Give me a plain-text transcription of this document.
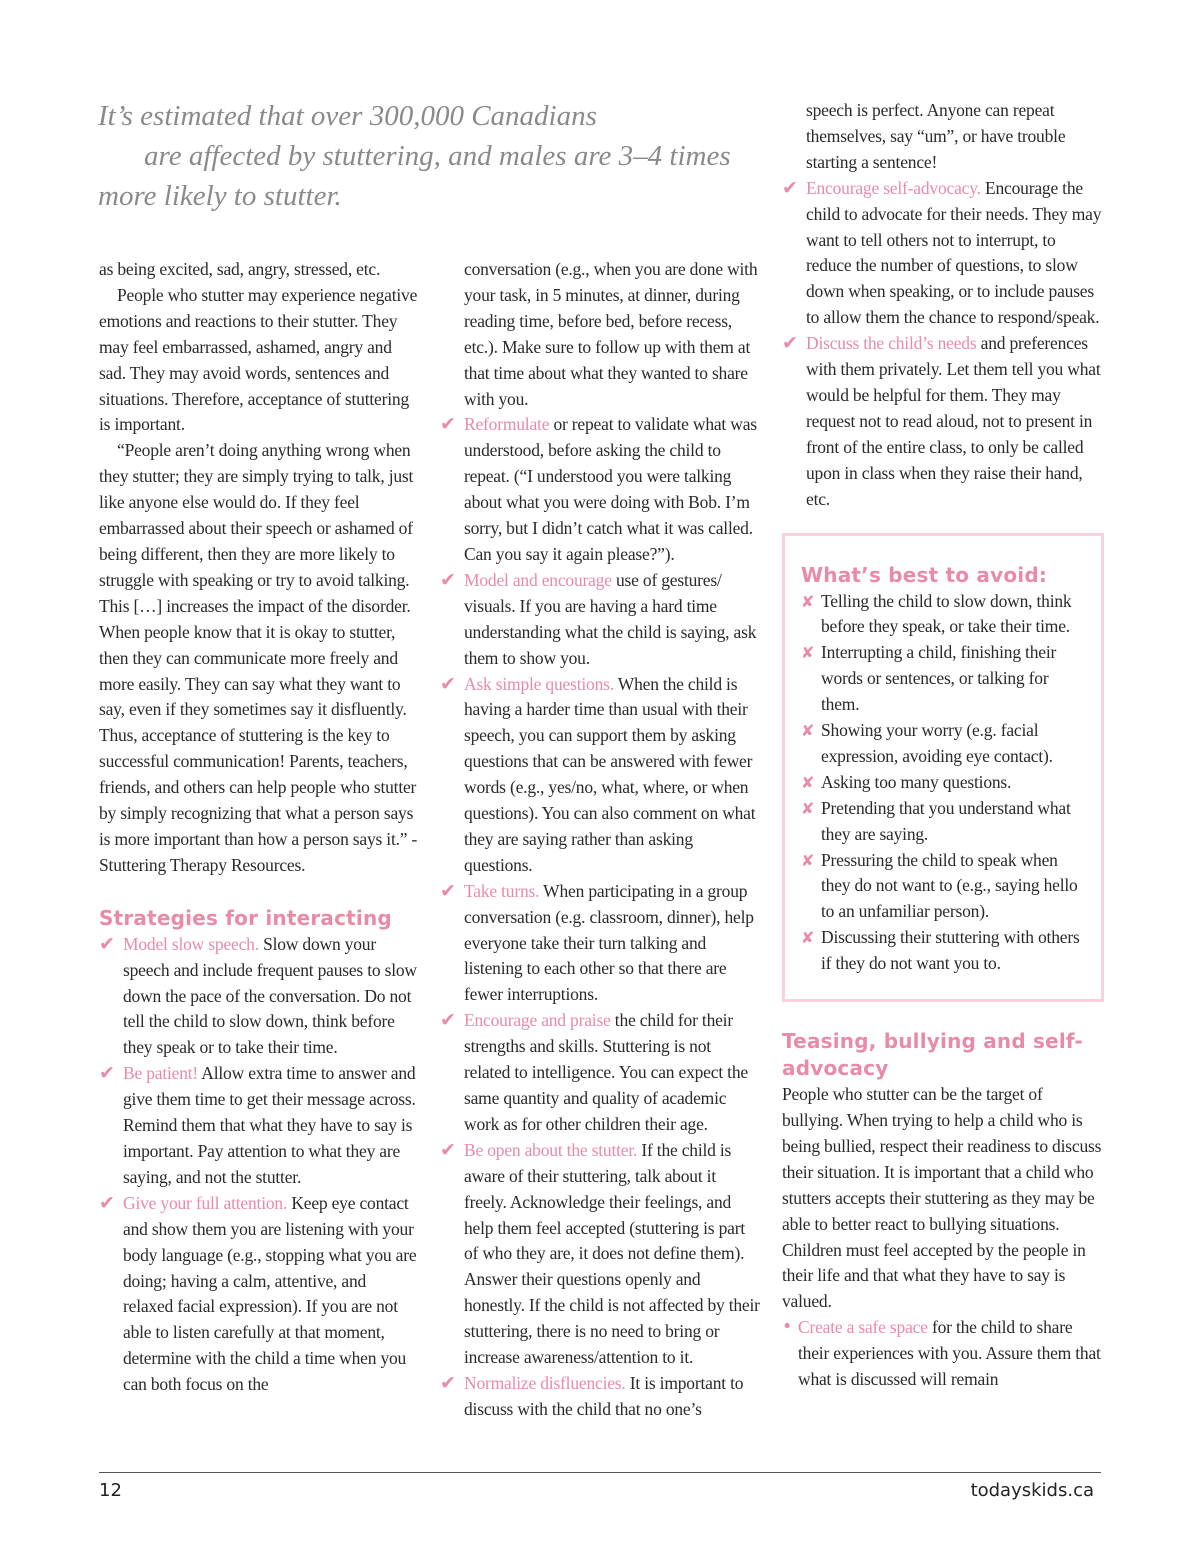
It’s estimated that over 300,000 Canadians
are affected by stuttering, and males are 3–4 times
more likely to stutter.

as being excited, sad, angry, stressed, etc.

People who stutter may experience negative emotions and reactions to their stutter. They may feel embarrassed, ashamed, angry and sad. They may avoid words, sentences and situations. Therefore, acceptance of stuttering is important.

“People aren’t doing anything wrong when they stutter; they are simply trying to talk, just like anyone else would do. If they feel embarrassed about their speech or ashamed of being different, then they are more likely to struggle with speaking or try to avoid talking. This […] increases the impact of the disorder. When people know that it is okay to stutter, then they can communicate more freely and more easily. They can say what they want to say, even if they sometimes say it disfluently. Thus, acceptance of stuttering is the key to successful communication! Parents, teachers, friends, and others can help people who stutter by simply recognizing that what a person says is more important than how a person says it.” - Stuttering Therapy Resources.

Strategies for interacting
✔ Model slow speech. Slow down your speech and include frequent pauses to slow down the pace of the conversation. Do not tell the child to slow down, think before they speak or to take their time.
✔ Be patient! Allow extra time to answer and give them time to get their message across. Remind them that what they have to say is important. Pay attention to what they are saying, and not the stutter.
✔ Give your full attention. Keep eye contact and show them you are listening with your body language (e.g., stopping what you are doing; having a calm, attentive, and relaxed facial expression). If you are not able to listen carefully at that moment, determine with the child a time when you can both focus on the

conversation (e.g., when you are done with your task, in 5 minutes, at dinner, during reading time, before bed, before recess, etc.). Make sure to follow up with them at that time about what they wanted to share with you.

✔ Reformulate or repeat to validate what was understood, before asking the child to repeat. (“I understood you were talking about what you were doing with Bob. I’m sorry, but I didn’t catch what it was called. Can you say it again please?”).
✔ Model and encourage use of gestures/ visuals. If you are having a hard time understanding what the child is saying, ask them to show you.
✔ Ask simple questions. When the child is having a harder time than usual with their speech, you can support them by asking questions that can be answered with fewer words (e.g., yes/no, what, where, or when questions). You can also comment on what they are saying rather than asking questions.
✔ Take turns. When participating in a group conversation (e.g. classroom, dinner), help everyone take their turn talking and listening to each other so that there are fewer interruptions.
✔ Encourage and praise the child for their strengths and skills. Stuttering is not related to intelligence. You can expect the same quantity and quality of academic work as for other children their age.
✔ Be open about the stutter. If the child is aware of their stuttering, talk about it freely. Acknowledge their feelings, and help them feel accepted (stuttering is part of who they are, it does not define them). Answer their questions openly and honestly. If the child is not affected by their stuttering, there is no need to bring or increase awareness/attention to it.
✔ Normalize disfluencies. It is important to discuss with the child that no one’s

speech is perfect. Anyone can repeat themselves, say “um”, or have trouble starting a sentence!

✔ Encourage self-advocacy. Encourage the child to advocate for their needs. They may want to tell others not to interrupt, to reduce the number of questions, to slow down when speaking, or to include pauses to allow them the chance to respond/speak.
✔ Discuss the child’s needs and preferences with them privately. Let them tell you what would be helpful for them. They may request not to read aloud, not to present in front of the entire class, to only be called upon in class when they raise their hand, etc.
What’s best to avoid:
✘ Telling the child to slow down, think before they speak, or take their time.
✘ Interrupting a child, finishing their words or sentences, or talking for them.
✘ Showing your worry (e.g. facial expression, avoiding eye contact).
✘ Asking too many questions.
✘ Pretending that you understand what they are saying.
✘ Pressuring the child to speak when they do not want to (e.g., saying hello to an unfamiliar person).
✘ Discussing their stuttering with others if they do not want you to.
Teasing, bullying and self-advocacy

People who stutter can be the target of bullying. When trying to help a child who is being bullied, respect their readiness to discuss their situation. It is important that a child who stutters accepts their stuttering as they may be able to better react to bullying situations. Children must feel accepted by the people in their life and that what they have to say is valued.

• Create a safe space for the child to share their experiences with you. Assure them that what is discussed will remain
12	todayskids.ca
